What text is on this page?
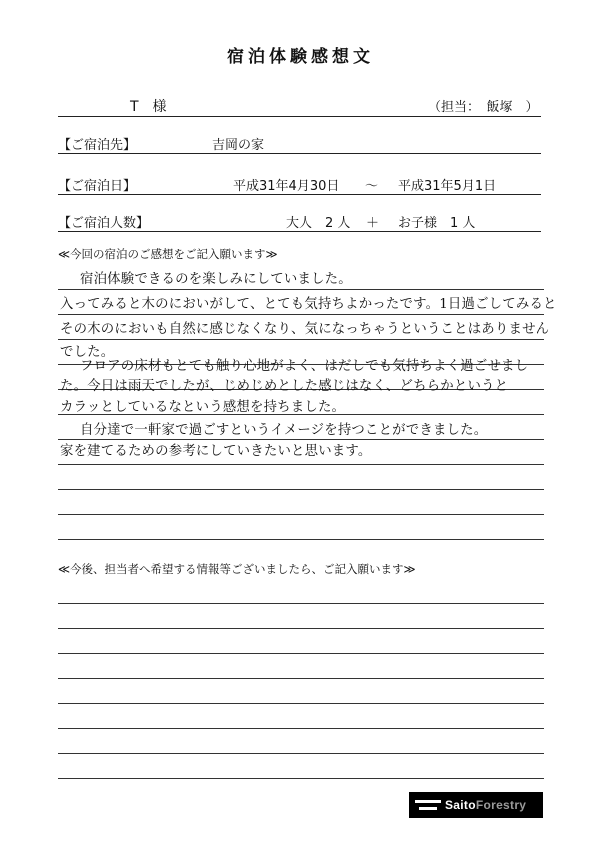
宿泊体験感想文
T　様	（担当：　飯塚　）
【ご宿泊先】	吉岡の家
【ご宿泊日】	平成31年4月30日 ～ 平成31年5月1日
【ご宿泊人数】	大人　2 人 ＋ お子様　1 人
≪今回の宿泊のご感想をご記入願います≫
宿泊体験できるのを楽しみにしていました。
入ってみると木のにおいがして、とても気持ちよかったです。1日過ごしてみると
その木のにおいも自然に感じなくなり、気になっちゃうということはありません
でした。
フロアの床材もとても触り心地がよく、はだしでも気持ちよく過ごせまし
た。今日は雨天でしたが、じめじめとした感じはなく、どちらかというと
カラッとしているなという感想を持ちました。
自分達で一軒家で過ごすというイメージを持つことができました。
家を建てるための参考にしていきたいと思います。
≪今後、担当者へ希望する情報等ございましたら、ご記入願います≫
SaitoForestry
